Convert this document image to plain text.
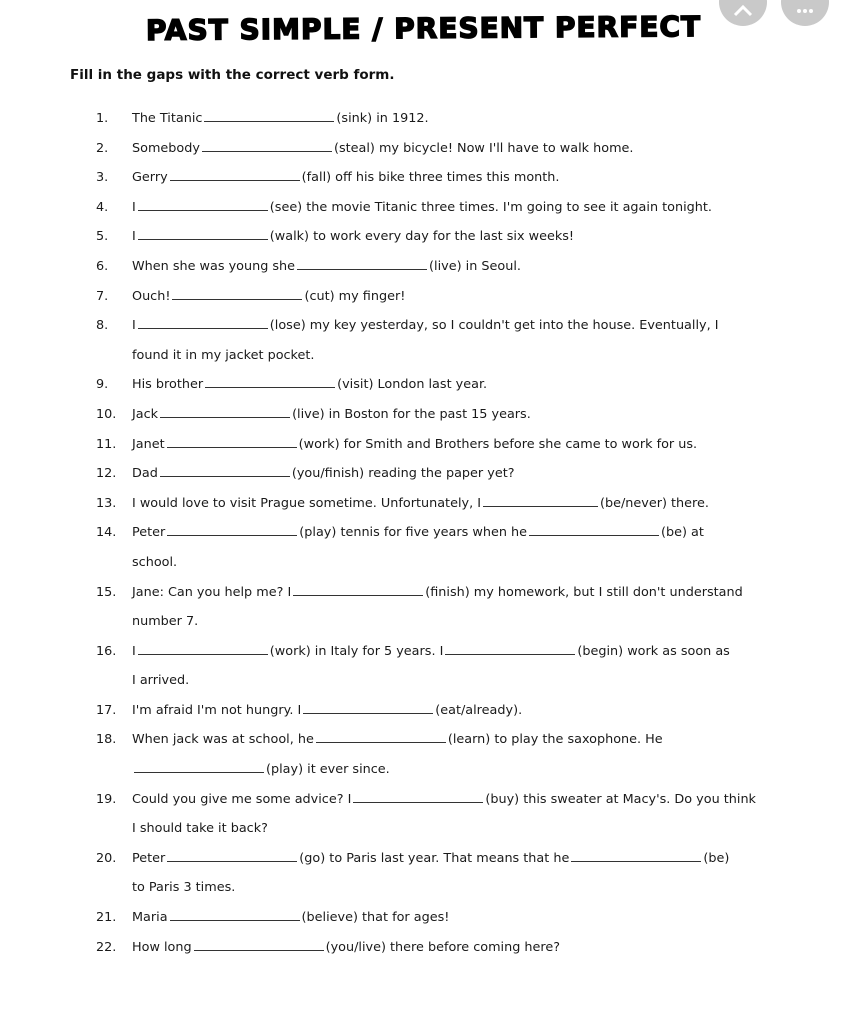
PAST SIMPLE / PRESENT PERFECT
Fill in the gaps with the correct verb form.
1.	The Titanic	(sink) in 1912.
2.	Somebody	(steal) my bicycle! Now I'll have to walk home.
3.	Gerry	(fall) off his bike three times this month.
4.	I	(see) the movie Titanic three times. I'm going to see it again tonight.
5.	I	(walk) to work every day for the last six weeks!
6.	When she was young she	(live) in Seoul.
7.	Ouch!	(cut) my finger!
8.	I	(lose) my key yesterday, so I couldn't get into the house. Eventually, I
found it in my jacket pocket.
9.	His brother	(visit) London last year.
10.	Jack	(live) in Boston for the past 15 years.
11.	Janet	(work) for Smith and Brothers before she came to work for us.
12.	Dad	(you/finish) reading the paper yet?
13.	I would love to visit Prague sometime. Unfortunately, I	(be/never) there.
14.	Peter	(play) tennis for five years when he	(be) at
school.
15.	Jane: Can you help me? I	(finish) my homework, but I still don't understand
number 7.
16.	I	(work) in Italy for 5 years. I	(begin) work as soon as
I arrived.
17.	I'm afraid I'm not hungry. I	(eat/already).
18.	When jack was at school, he	(learn) to play the saxophone. He
(play) it ever since.
19.	Could you give me some advice? I	(buy) this sweater at Macy's. Do you think
I should take it back?
20.	Peter	(go) to Paris last year. That means that he	(be)
to Paris 3 times.
21.	Maria	(believe) that for ages!
22.	How long	(you/live) there before coming here?
